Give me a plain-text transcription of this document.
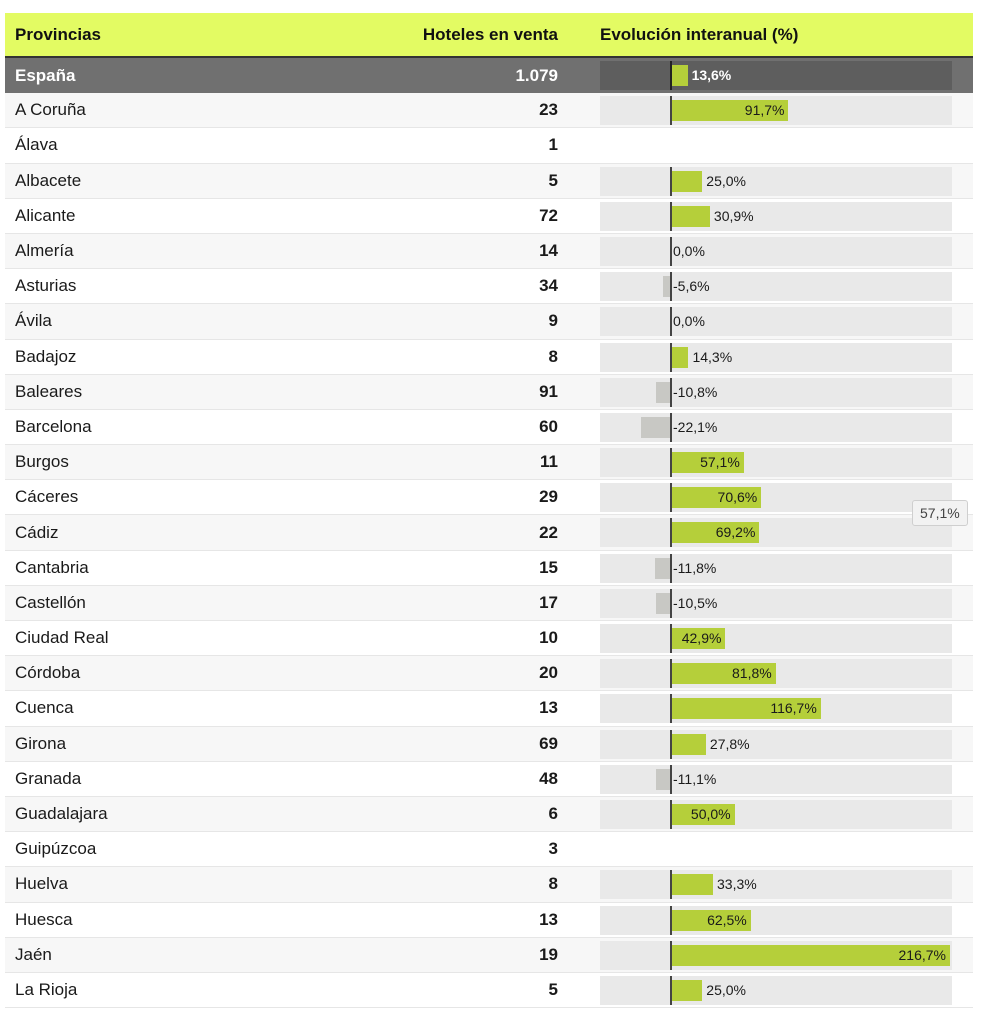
Provincias	Hoteles en venta	Evolución interanual (%)
España	1.079	13,6%
A Coruña	23	91,7%
Álava	1
Albacete	5	25,0%
Alicante	72	30,9%
Almería	14	0,0%
Asturias	34	-5,6%
Ávila	9	0,0%
Badajoz	8	14,3%
Baleares	91	-10,8%
Barcelona	60	-22,1%
Burgos	11	57,1%
Cáceres	29	70,6%
Cádiz	22	69,2%
Cantabria	15	-11,8%
Castellón	17	-10,5%
Ciudad Real	10	42,9%
Córdoba	20	81,8%
Cuenca	13	116,7%
Girona	69	27,8%
Granada	48	-11,1%
Guadalajara	6	50,0%
Guipúzcoa	3
Huelva	8	33,3%
Huesca	13	62,5%
Jaén	19	216,7%
La Rioja	5	25,0%
57,1%
